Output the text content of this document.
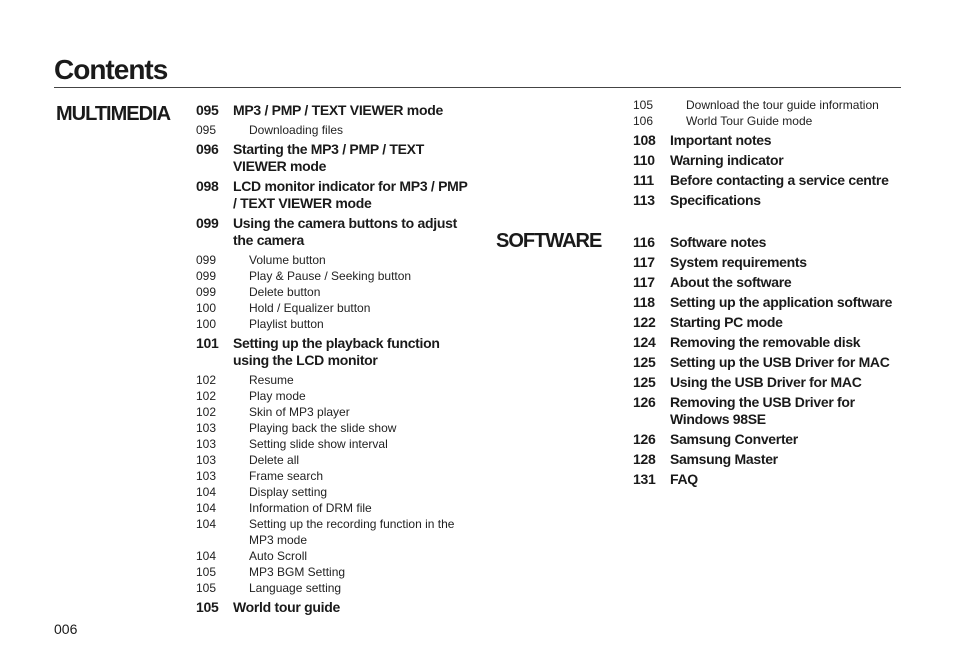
Contents
MULTIMEDIA 095	MP3 / PMP / TEXT VIEWER mode
095	Downloading files
096	Starting the MP3 / PMP / TEXT VIEWER mode
098	LCD monitor indicator for MP3 / PMP / TEXT VIEWER mode
099	Using the camera buttons to adjust the camera
099	Volume button
099	Play & Pause / Seeking button
099	Delete button
100	Hold / Equalizer button
100	Playlist button
101	Setting up the playback function using the LCD monitor
102	Resume
102	Play mode
102	Skin of MP3 player
103	Playing back the slide show
103	Setting slide show interval
103	Delete all
103	Frame search
104	Display setting
104	Information of DRM file
104	Setting up the recording function in the MP3 mode
104	Auto Scroll
105	MP3 BGM Setting
105	Language setting
105	World tour guide
105	Download the tour guide information
106	World Tour Guide mode
108	Important notes
110	Warning indicator
111	Before contacting a service centre
113	Specifications
SOFTWARE 116	Software notes
117	System requirements
117	About the software
118	Setting up the application software
122	Starting PC mode
124	Removing the removable disk
125	Setting up the USB Driver for MAC
125	Using the USB Driver for MAC
126	Removing the USB Driver for Windows 98SE
126	Samsung Converter
128	Samsung Master
131	FAQ
006
